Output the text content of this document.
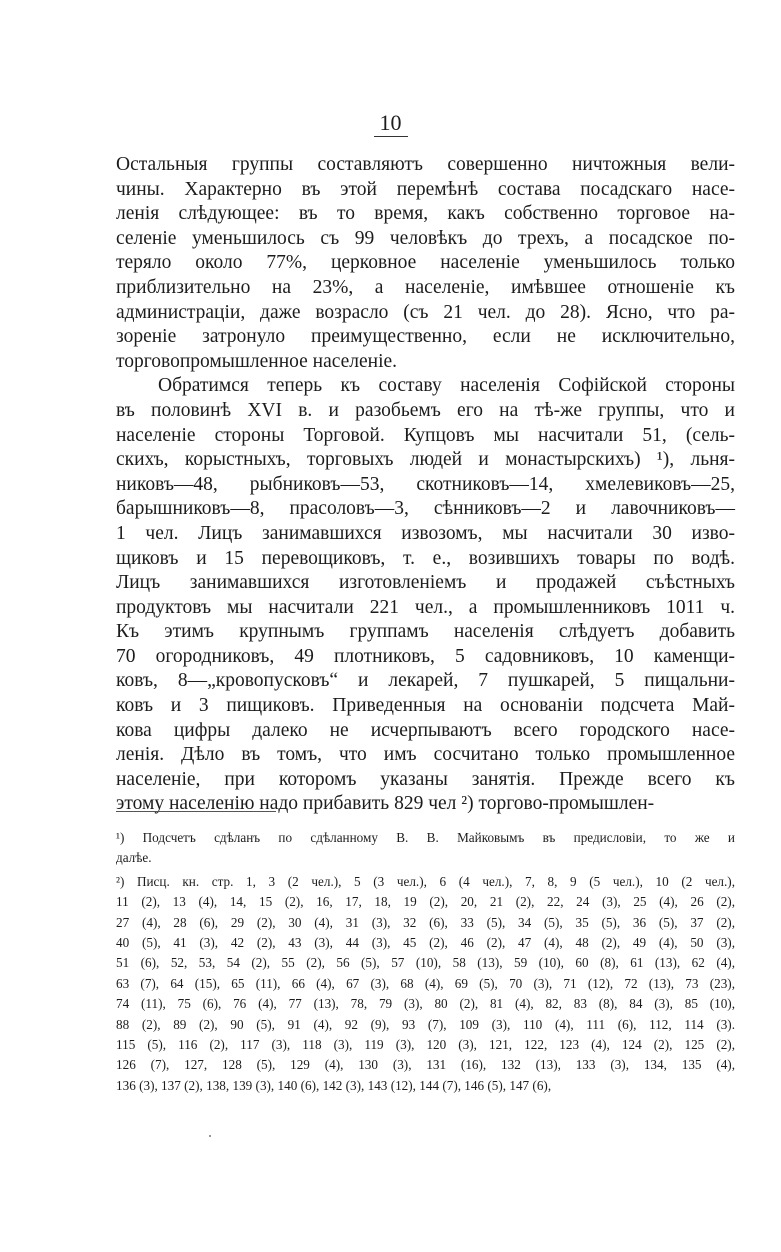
10
Остальныя группы составляютъ совершенно ничтожныя вели-
чины. Характерно въ этой перемѣнѣ состава посадскаго насе-
ленія слѣдующее: въ то время, какъ собственно торговое на-
селеніе уменьшилось съ 99 человѣкъ до трехъ, а посадское по-
теряло около 77%, церковное населеніе уменьшилось только
приблизительно на 23%, а населеніе, имѣвшее отношеніе къ
администраціи, даже возрасло (съ 21 чел. до 28). Ясно, что ра-
зореніе затронуло преимущественно, если не исключительно,
торговопромышленное населеніе.
Обратимся теперь къ составу населенія Софійской стороны
въ половинѣ XVI в. и разобьемъ его на тѣ-же группы, что и
населеніе стороны Торговой. Купцовъ мы насчитали 51, (сель-
скихъ, корыстныхъ, торговыхъ людей и монастырскихъ) ¹), льня-
никовъ—48, рыбниковъ—53, скотниковъ—14, хмелевиковъ—25,
барышниковъ—8, прасоловъ—3, сѣнниковъ—2 и лавочниковъ—
1 чел. Лицъ занимавшихся извозомъ, мы насчитали 30 изво-
щиковъ и 15 перевощиковъ, т. е., возившихъ товары по водѣ.
Лицъ занимавшихся изготовленіемъ и продажей съѣстныхъ
продуктовъ мы насчитали 221 чел., а промышленниковъ 1011 ч.
Къ этимъ крупнымъ группамъ населенія слѣдуетъ добавить
70 огородниковъ, 49 плотниковъ, 5 садовниковъ, 10 каменщи-
ковъ, 8—„кровопусковъ“ и лекарей, 7 пушкарей, 5 пищальни-
ковъ и 3 пищиковъ. Приведенныя на основаніи подсчета Май-
кова цифры далеко не исчерпываютъ всего городского насе-
ленія. Дѣло въ томъ, что имъ сосчитано только промышленное
населеніе, при которомъ указаны занятія. Прежде всего къ
этому населенію надо прибавить 829 чел ²) торгово-промышлен-
¹) Подсчетъ сдѣланъ по сдѣланному В. В. Майковымъ въ предисловіи, то же и
далѣе.
²) Писц. кн. стр. 1, 3 (2 чел.), 5 (3 чел.), 6 (4 чел.), 7, 8, 9 (5 чел.), 10 (2 чел.),
11 (2), 13 (4), 14, 15 (2), 16, 17, 18, 19 (2), 20, 21 (2), 22, 24 (3), 25 (4), 26 (2),
27 (4), 28 (6), 29 (2), 30 (4), 31 (3), 32 (6), 33 (5), 34 (5), 35 (5), 36 (5), 37 (2),
40 (5), 41 (3), 42 (2), 43 (3), 44 (3), 45 (2), 46 (2), 47 (4), 48 (2), 49 (4), 50 (3),
51 (6), 52, 53, 54 (2), 55 (2), 56 (5), 57 (10), 58 (13), 59 (10), 60 (8), 61 (13), 62 (4),
63 (7), 64 (15), 65 (11), 66 (4), 67 (3), 68 (4), 69 (5), 70 (3), 71 (12), 72 (13), 73 (23),
74 (11), 75 (6), 76 (4), 77 (13), 78, 79 (3), 80 (2), 81 (4), 82, 83 (8), 84 (3), 85 (10),
88 (2), 89 (2), 90 (5), 91 (4), 92 (9), 93 (7), 109 (3), 110 (4), 111 (6), 112, 114 (3).
115 (5), 116 (2), 117 (3), 118 (3), 119 (3), 120 (3), 121, 122, 123 (4), 124 (2), 125 (2),
126 (7), 127, 128 (5), 129 (4), 130 (3), 131 (16), 132 (13), 133 (3), 134, 135 (4),
136 (3), 137 (2), 138, 139 (3), 140 (6), 142 (3), 143 (12), 144 (7), 146 (5), 147 (6),
